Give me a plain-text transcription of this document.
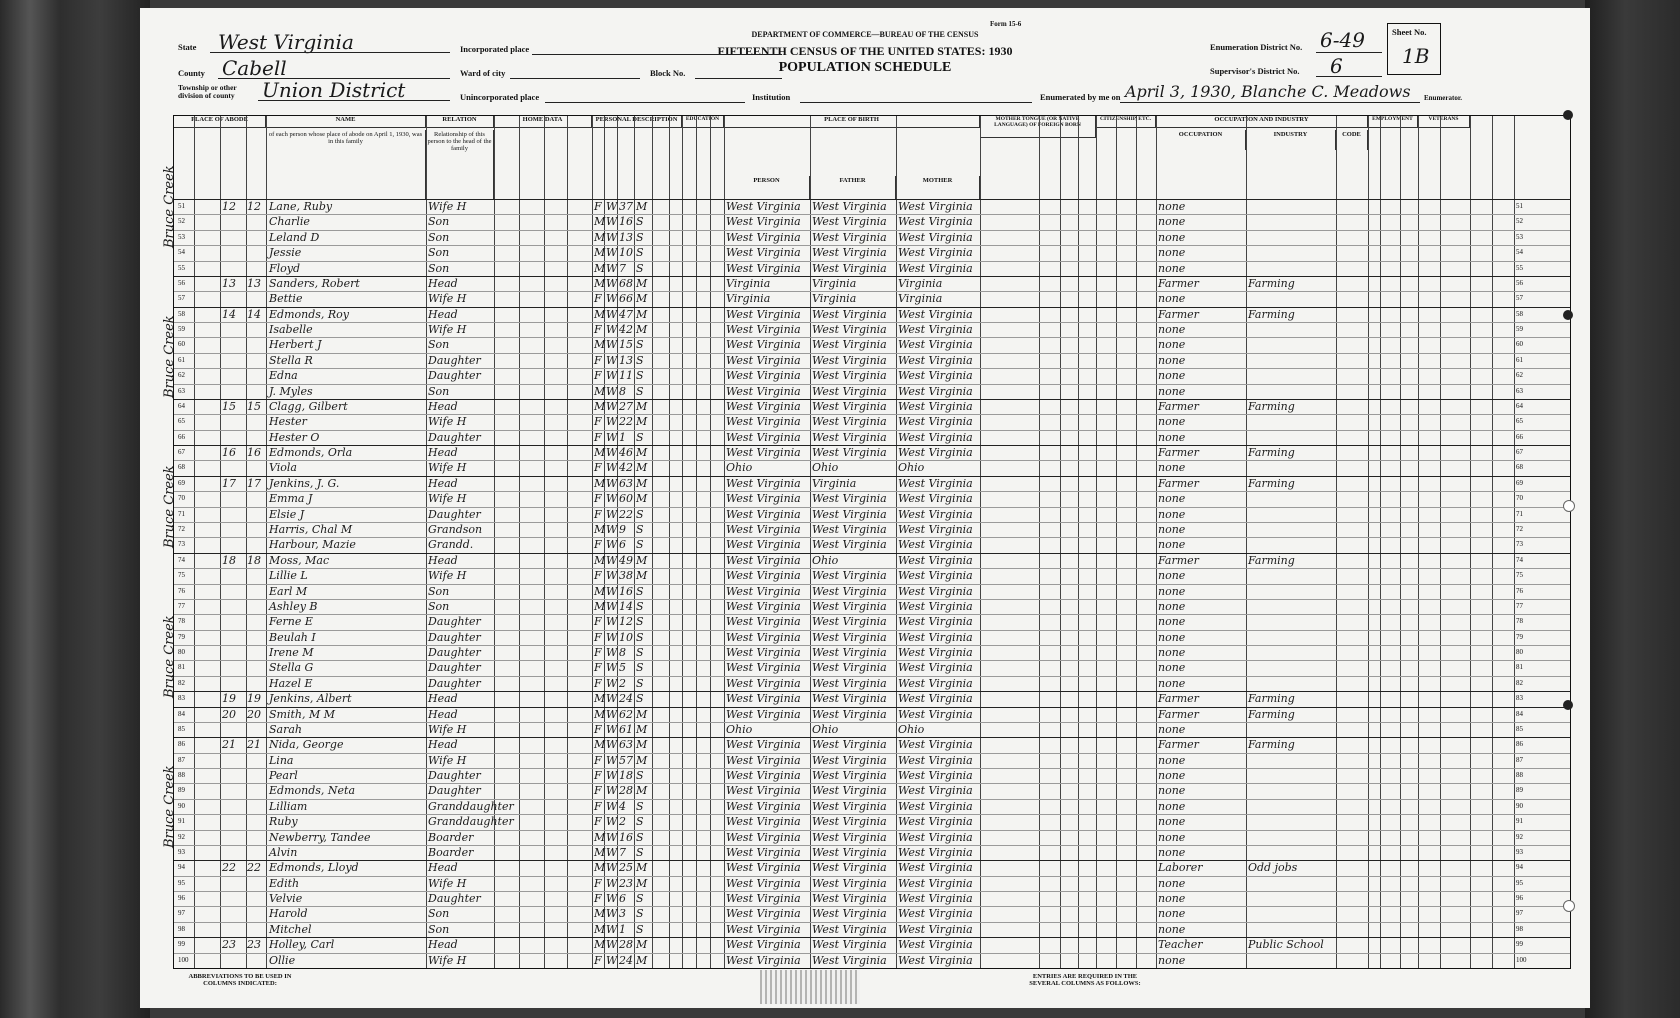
Form 15-6
DEPARTMENT OF COMMERCE—BUREAU OF THE CENSUS
FIFTEENTH CENSUS OF THE UNITED STATES: 1930
POPULATION SCHEDULE
State West Virginia
County Cabell
Township or other division of county	Union District
Incorporated place
Ward of city	Block No.
Unincorporated place	Institution
Enumeration District No. 6-49
Supervisor's District No. 6
Sheet No.
1B
Enumerated by me on April 3, 1930, Blanche C. Meadows Enumerator.
PLACE OF ABODE	NAME	RELATION	HOME DATA	PERSONAL DESCRIPTION	EDUCATION	PLACE OF BIRTH	MOTHER TONGUE (OR NATIVE LANGUAGE) OF FOREIGN BORN
CITIZENSHIP, ETC.	OCCUPATION AND INDUSTRY	EMPLOYMENT	VETERANS
of each person whose place of abode on April 1, 1930, was in this family
Relationship of this person to the head of the family
PERSON	FATHER	MOTHER
OCCUPATION	INDUSTRY	CODE
51
51	12	12 Lane, Ruby	Wife H	F W 37 M	West Virginia	West Virginia	West Virginia	none
52
52	Charlie	Son	M W 16 S	West Virginia	West Virginia	West Virginia	none
53
53	Leland D	Son	M W 13 S	West Virginia	West Virginia	West Virginia	none
54
54	Jessie	Son	M W 10 S	West Virginia	West Virginia	West Virginia	none
55
55	Floyd	Son	M W 7 S	West Virginia	West Virginia	West Virginia	none
56
56	13	13 Sanders, Robert	Head	M W 68 M	Virginia	Virginia	Virginia	Farmer	Farming
57
57	Bettie	Wife H	F W 66 M	Virginia	Virginia	Virginia	none
58
58	14	14 Edmonds, Roy	Head	M W 47 M	West Virginia	West Virginia	West Virginia	Farmer	Farming
59
59	Isabelle	Wife H	F W 42 M	West Virginia	West Virginia	West Virginia	none
60
60	Herbert J	Son	M W 15 S	West Virginia	West Virginia	West Virginia	none
61
61	Stella R	Daughter	F W 13 S	West Virginia	West Virginia	West Virginia	none
62
62	Edna	Daughter	F W 11 S	West Virginia	West Virginia	West Virginia	none
63
63	J. Myles	Son	M W 8 S	West Virginia	West Virginia	West Virginia	none
64
64	15	15 Clagg, Gilbert	Head	M W 27 M	West Virginia	West Virginia	West Virginia	Farmer	Farming
65
65	Hester	Wife H	F W 22 M	West Virginia	West Virginia	West Virginia	none
66
66	Hester O	Daughter	F W 1 S	West Virginia	West Virginia	West Virginia	none
67
67	16	16 Edmonds, Orla	Head	M W 46 M	West Virginia	West Virginia	West Virginia	Farmer	Farming
68
68	Viola	Wife H	F W 42 M	Ohio	Ohio	Ohio	none
69
69	17	17 Jenkins, J. G.	Head	M W 63 M	West Virginia	Virginia	West Virginia	Farmer	Farming
70
70	Emma J	Wife H	F W 60 M	West Virginia	West Virginia	West Virginia	none
71
71	Elsie J	Daughter	F W 22 S	West Virginia	West Virginia	West Virginia	none
72
72	Harris, Chal M	Grandson	M W 9 S	West Virginia	West Virginia	West Virginia	none
73
73	Harbour, Mazie	Grandd.	F W 6 S	West Virginia	West Virginia	West Virginia	none
74
74	18	18 Moss, Mac	Head	M W 49 M	West Virginia	Ohio	West Virginia	Farmer	Farming
75
75	Lillie L	Wife H	F W 38 M	West Virginia	West Virginia	West Virginia	none
76
76	Earl M	Son	M W 16 S	West Virginia	West Virginia	West Virginia	none
77
77	Ashley B	Son	M W 14 S	West Virginia	West Virginia	West Virginia	none
78
78	Ferne E	Daughter	F W 12 S	West Virginia	West Virginia	West Virginia	none
79
79	Beulah I	Daughter	F W 10 S	West Virginia	West Virginia	West Virginia	none
80
80	Irene M	Daughter	F W 8 S	West Virginia	West Virginia	West Virginia	none
81
81	Stella G	Daughter	F W 5 S	West Virginia	West Virginia	West Virginia	none
82
82	Hazel E	Daughter	F W 2 S	West Virginia	West Virginia	West Virginia	none
83
83	19	19 Jenkins, Albert	Head	M W 24 S	West Virginia	West Virginia	West Virginia	Farmer	Farming
84
84	20	20 Smith, M M	Head	M W 62 M	West Virginia	West Virginia	West Virginia	Farmer	Farming
85
85	Sarah	Wife H	F W 61 M	Ohio	Ohio	Ohio	none
86
86	21	21 Nida, George	Head	M W 63 M	West Virginia	West Virginia	West Virginia	Farmer	Farming
87
87	Lina	Wife H	F W 57 M	West Virginia	West Virginia	West Virginia	none
88
88	Pearl	Daughter	F W 18 S	West Virginia	West Virginia	West Virginia	none
89
89	Edmonds, Neta	Daughter	F W 28 M	West Virginia	West Virginia	West Virginia	none
90
90	Lilliam	Granddaughter	F W 4 S	West Virginia	West Virginia	West Virginia	none
91
91	Ruby	Granddaughter	F W 2 S	West Virginia	West Virginia	West Virginia	none
92
92	Newberry, Tandee	Boarder	M W 16 S	West Virginia	West Virginia	West Virginia	none
93
93	Alvin	Boarder	M W 7 S	West Virginia	West Virginia	West Virginia	none
94
94	22	22 Edmonds, Lloyd	Head	M W 25 M	West Virginia	West Virginia	West Virginia	Laborer	Odd jobs
95
95	Edith	Wife H	F W 23 M	West Virginia	West Virginia	West Virginia	none
96
96	Velvie	Daughter	F W 6 S	West Virginia	West Virginia	West Virginia	none
97
97	Harold	Son	M W 3 S	West Virginia	West Virginia	West Virginia	none
98
98	Mitchel	Son	M W 1 S	West Virginia	West Virginia	West Virginia	none
99
99	23	23 Holley, Carl	Head	M W 28 M	West Virginia	West Virginia	West Virginia	Teacher	Public School
100
100	Ollie	Wife H	F W 24 M	West Virginia	West Virginia	West Virginia	none
Bruce Creek
Bruce Creek
Bruce Creek
Bruce Creek
Bruce Creek
ABBREVIATIONS TO BE USED IN COLUMNS INDICATED:
ENTRIES ARE REQUIRED IN THE SEVERAL COLUMNS AS FOLLOWS:
